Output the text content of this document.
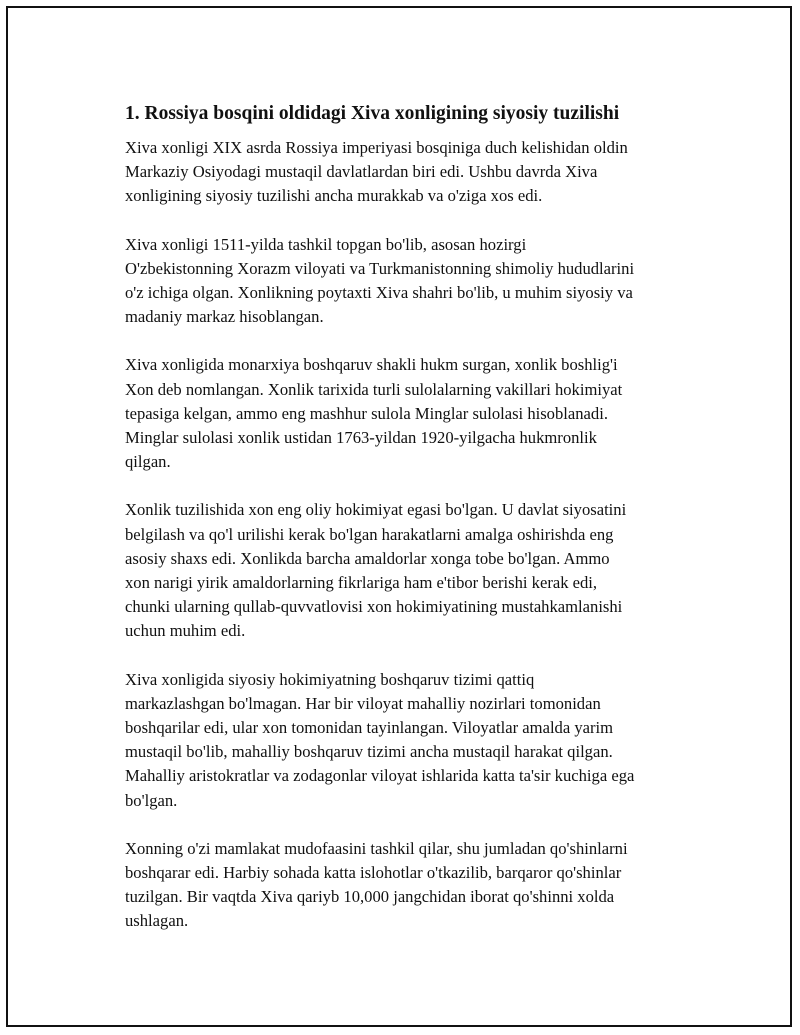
1. Rossiya bosqini oldidagi Xiva xonligining siyosiy tuzilishi

Xiva xonligi XIX asrda Rossiya imperiyasi bosqiniga duch kelishidan oldin
Markaziy Osiyodagi mustaqil davlatlardan biri edi. Ushbu davrda Xiva
xonligining siyosiy tuzilishi ancha murakkab va o'ziga xos edi.

Xiva xonligi 1511-yilda tashkil topgan bo'lib, asosan hozirgi
O'zbekistonning Xorazm viloyati va Turkmanistonning shimoliy hududlarini
o'z ichiga olgan. Xonlikning poytaxti Xiva shahri bo'lib, u muhim siyosiy va
madaniy markaz hisoblangan.

Xiva xonligida monarxiya boshqaruv shakli hukm surgan, xonlik boshlig'i
Xon deb nomlangan. Xonlik tarixida turli sulolalarning vakillari hokimiyat
tepasiga kelgan, ammo eng mashhur sulola Minglar sulolasi hisoblanadi.
Minglar sulolasi xonlik ustidan 1763-yildan 1920-yilgacha hukmronlik
qilgan.

Xonlik tuzilishida xon eng oliy hokimiyat egasi bo'lgan. U davlat siyosatini
belgilash va qo'l urilishi kerak bo'lgan harakatlarni amalga oshirishda eng
asosiy shaxs edi. Xonlikda barcha amaldorlar xonga tobe bo'lgan. Ammo
xon narigi yirik amaldorlarning fikrlariga ham e'tibor berishi kerak edi,
chunki ularning qullab-quvvatlovisi xon hokimiyatining mustahkamlanishi
uchun muhim edi.

Xiva xonligida siyosiy hokimiyatning boshqaruv tizimi qattiq
markazlashgan bo'lmagan. Har bir viloyat mahalliy nozirlari tomonidan
boshqarilar edi, ular xon tomonidan tayinlangan. Viloyatlar amalda yarim
mustaqil bo'lib, mahalliy boshqaruv tizimi ancha mustaqil harakat qilgan.
Mahalliy aristokratlar va zodagonlar viloyat ishlarida katta ta'sir kuchiga ega
bo'lgan.

Xonning o'zi mamlakat mudofaasini tashkil qilar, shu jumladan qo'shinlarni
boshqarar edi. Harbiy sohada katta islohotlar o'tkazilib, barqaror qo'shinlar
tuzilgan. Bir vaqtda Xiva qariyb 10,000 jangchidan iborat qo'shinni xolda
ushlagan.
